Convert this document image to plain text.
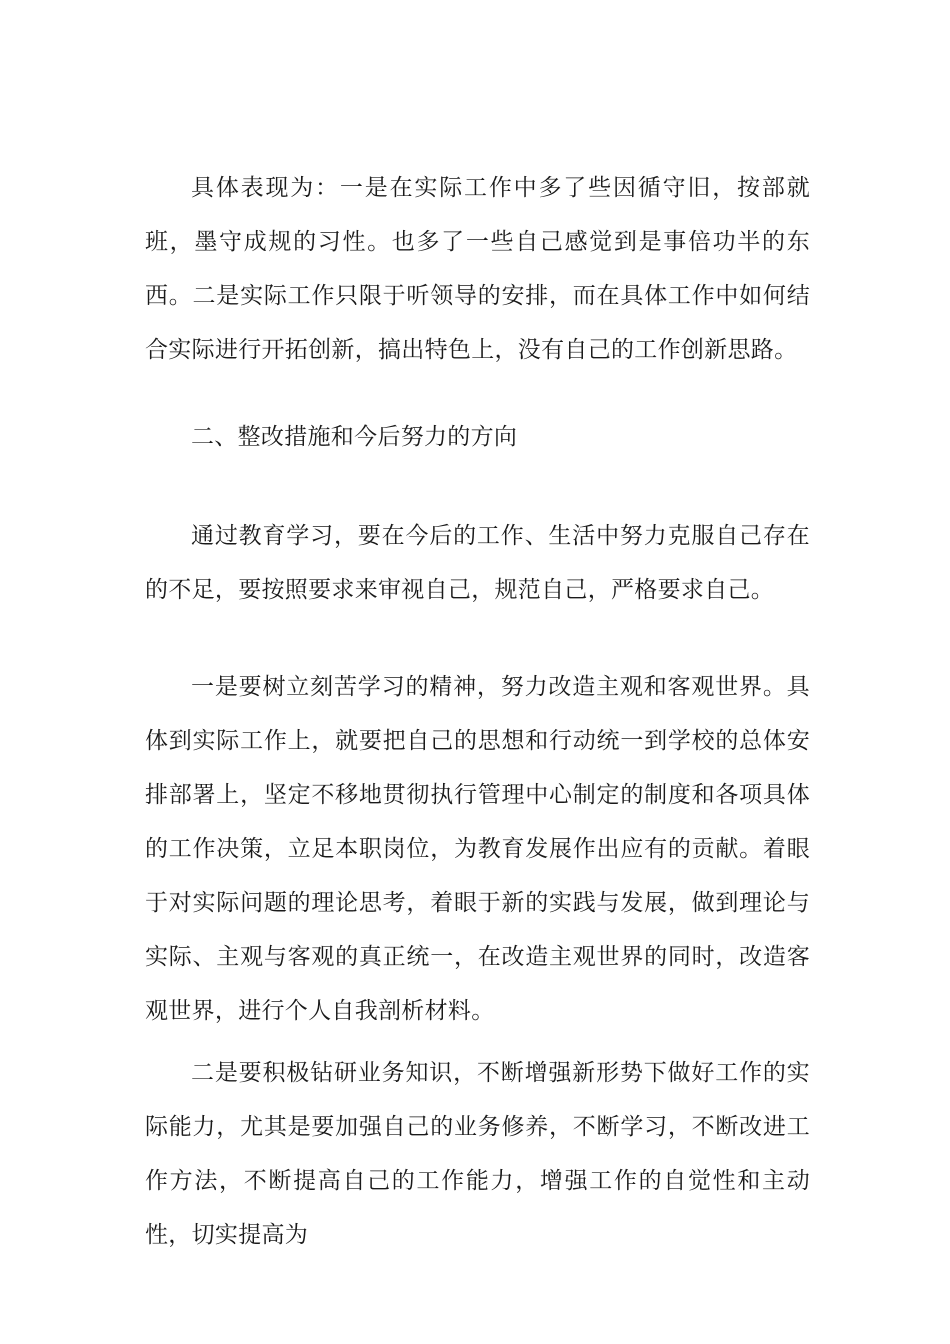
具体表现为：一是在实际工作中多了些因循守旧，按部就班，墨守成规的习性。也多了一些自己感觉到是事倍功半的东西。二是实际工作只限于听领导的安排，而在具体工作中如何结合实际进行开拓创新，搞出特色上，没有自己的工作创新思路。

二、整改措施和今后努力的方向

通过教育学习，要在今后的工作、生活中努力克服自己存在的不足，要按照要求来审视自己，规范自己，严格要求自己。

一是要树立刻苦学习的精神，努力改造主观和客观世界。具体到实际工作上，就要把自己的思想和行动统一到学校的总体安排部署上，坚定不移地贯彻执行管理中心制定的制度和各项具体的工作决策，立足本职岗位，为教育发展作出应有的贡献。着眼于对实际问题的理论思考，着眼于新的实践与发展，做到理论与实际、主观与客观的真正统一，在改造主观世界的同时，改造客观世界，进行个人自我剖析材料。

二是要积极钻研业务知识，不断增强新形势下做好工作的实际能力，尤其是要加强自己的业务修养，不断学习，不断改进工作方法，不断提高自己的工作能力，增强工作的自觉性和主动性，切实提高为
